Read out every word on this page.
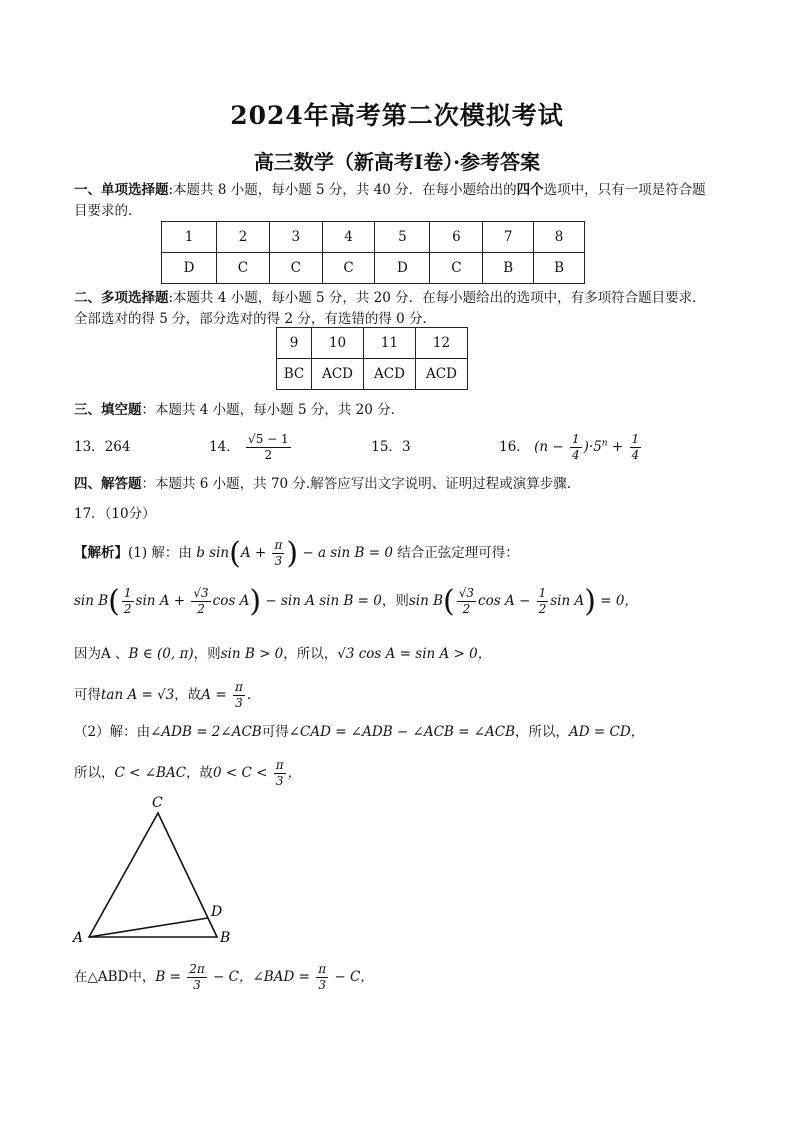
2024年高考第二次模拟考试
高三数学（新高考Ⅰ卷）·参考答案
一、单项选择题:本题共 8 小题，每小题 5 分，共 40 分．在每小题给出的四个选项中，只有一项是符合题目要求的．
1	2	3	4	5	6	7	8
D	C	C	C	D	C	B	B
二、多项选择题:本题共 4 小题，每小题 5 分，共 20 分．在每小题给出的选项中，有多项符合题目要求．全部选对的得 5 分，部分选对的得 2 分，有选错的得 0 分．
9	10	11	12
BC	ACD	ACD	ACD
三、填空题：本题共 4 小题，每小题 5 分，共 20 分．
13．264	14． $\frac{√5 - 1}{2}$	15．3	16． $(n - \frac{1}{4} )\cdot 5^n + \frac{1}{4}$
四、解答题：本题共 6 小题，共 70 分.解答应写出文字说明、证明过程或演算步骤.
17．（10分）
【解析】(1) 解：由 b $\sin(A + \frac{\pi}{3}$ ) − a sin B = 0 结合正弦定理可得：
$\sin B( \frac{1}{2}$ $\sin A + \frac{√3}{2}$ cos A) − sin A sin B = 0，则$\sin B( \frac{√3}{2}$ $\cos A - \frac{1}{2}$ sin A) = 0，
因为A 、B ∈ (0, π)，则sin B > 0，所以，√3 cos A = sin A > 0，
可得tan A = √3，故$A = \frac{\pi}{3}$ .
（2）解：由∠ADB = 2∠ACB可得∠CAD = ∠ADB − ∠ACB = ∠ACB，所以，AD = CD，
所以，C < ∠BAC，故$0 < C < \frac{\pi}{3}$ ，
C
D
A	B
在△ABD中，$B = \frac{2\pi}{3} - C$，∠BAD = $\frac{\pi}{3} - C$，
